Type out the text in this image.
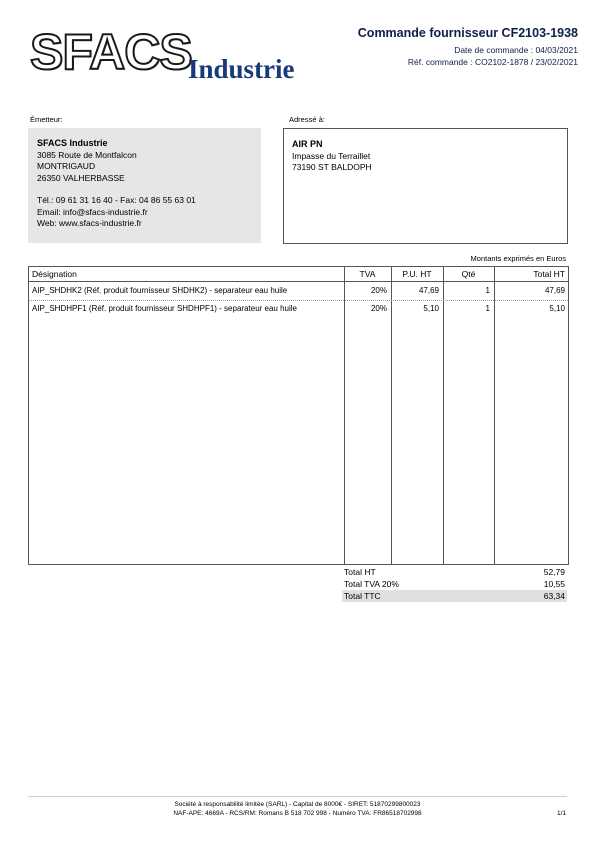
SFACS
Industrie
Commande fournisseur CF2103-1938
Date de commande : 04/03/2021
Réf. commande : CO2102-1878 / 23/02/2021
Émetteur:
SFACS Industrie
3085 Route de Montfalcon
MONTRIGAUD
26350 VALHERBASSE
Tél.: 09 61 31 16 40 - Fax: 04 86 55 63 01
Email: info@sfacs-industrie.fr
Web: www.sfacs-industrie.fr
Adressé à:
AIR PN
Impasse du Terraillet
73190 ST BALDOPH
Montants exprimés en Euros
Désignation	TVA	P.U. HT	Qté	Total HT
AIP_SHDHK2 (Réf. produit fournisseur SHDHK2) - separateur eau huile	20%	47,69	1	47,69
AIP_SHDHPF1 (Réf. produit fournisseur SHDHPF1) - separateur eau huile	20%	5,10	1	5,10
Total HT	52,79
Total TVA 20%	10,55
Total TTC	63,34
Société à responsabilité limitée (SARL) - Capital de 8000€ - SIRET: 51870299800023
NAF-APE: 4669A - RCS/RM: Romans B 518 702 998 - Numéro TVA: FR86518702998	1/1
